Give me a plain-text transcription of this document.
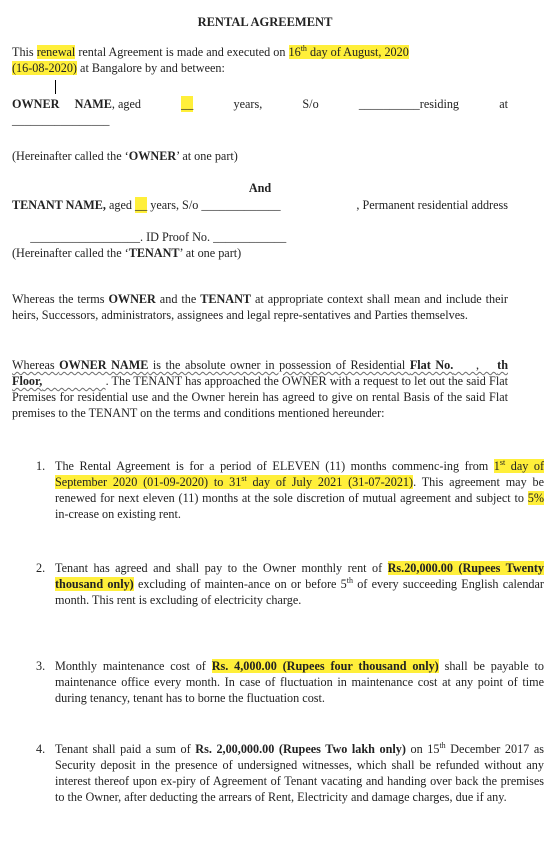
RENTAL AGREEMENT
This renewal rental Agreement is made and executed on 16th day of August, 2020
(16-08-2020) at Bangalore by and between:
OWNER     NAME, aged	__	years,	S/o	__________residing	at
________________
(Hereinafter called the ‘OWNER’ at one part)
And
TENANT NAME, aged __ years, S/o _____________	, Permanent residential address

__________________. ID Proof No. ____________

(Hereinafter called the ‘TENANT’ at one part)
Whereas the terms OWNER and the TENANT at appropriate context shall mean and include their heirs, Successors, administrators, assignees and legal repre-sentatives and Parties themselves.
Whereas OWNER NAME is the absolute owner in possession of Residential Flat No.     ,    th Floor,	. The TENANT has approached the OWNER with a request to let out the said Flat Premises for residential use and the Owner herein has agreed to give on rental Basis of the said Flat premises to the TENANT on the terms and conditions mentioned hereunder:
1. The Rental Agreement is for a period of ELEVEN (11) months commenc-ing from 1st day of September 2020 (01-09-2020) to 31st day of July 2021 (31-07-2021). This agreement may be renewed for next eleven (11) months at the sole discretion of mutual agreement and subject to 5% in-crease on existing rent.
2. Tenant has agreed and shall pay to the Owner monthly rent of Rs.20,000.00 (Rupees Twenty thousand only) excluding of mainten-ance on or before 5th of every succeeding English calendar month. This rent is excluding of electricity charge.
3. Monthly maintenance cost of Rs. 4,000.00 (Rupees four thousand only) shall be payable to maintenance office every month. In case of fluctuation in maintenance cost at any point of time during tenancy, tenant has to borne the fluctuation cost.
4. Tenant shall paid a sum of Rs. 2,00,000.00 (Rupees Two lakh only) on 15th December 2017 as Security deposit in the presence of undersigned witnesses, which shall be refunded without any interest thereof upon ex-piry of Agreement of Tenant vacating and handing over back the premises to the Owner, after deducting the arrears of Rent, Electricity and damage charges, due if any.
